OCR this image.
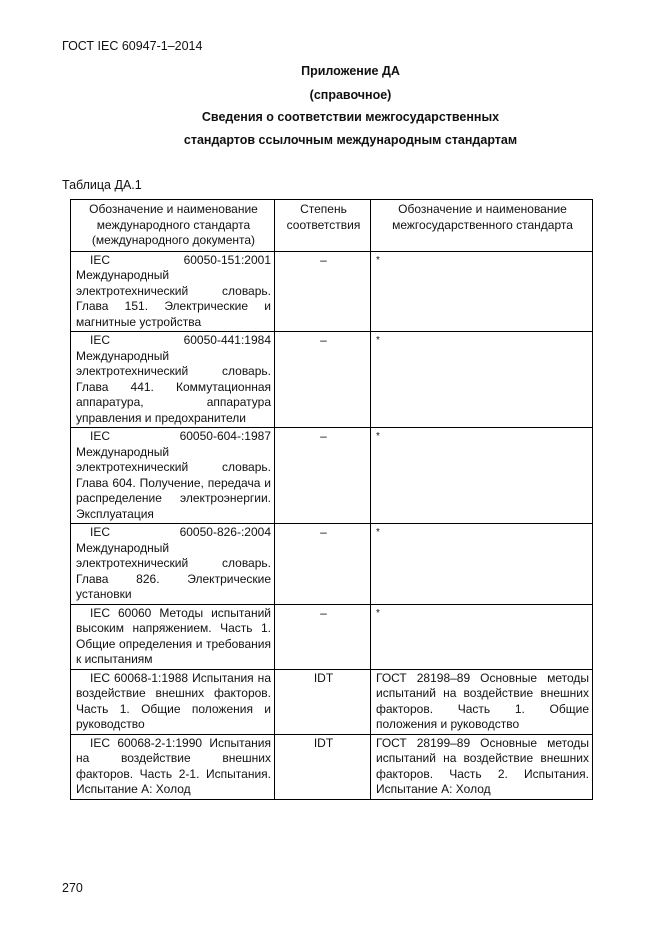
ГОСТ IEC 60947-1–2014
Приложение ДА
(справочное)
Сведения о соответствии межгосударственных
стандартов ссылочным международным стандартам
Таблица ДА.1
Обозначение и наименование международного стандарта (международного документа)	Степень соответствия	Обозначение и наименование межгосударственного стандарта
IEC 60050-151:2001 Международный электротехнический словарь. Глава 151. Электрические и магнитные устройства	–	*
IEC 60050-441:1984 Международный электротехнический словарь. Глава 441. Коммутационная аппаратура, аппаратура управления и предохранители	–	*
IEC 60050-604-:1987 Международный электротехнический словарь. Глава 604. Получение, передача и распределение электроэнергии. Эксплуатация	–	*
IEC 60050-826-:2004 Международный электротехнический словарь. Глава 826. Электрические установки	–	*
IEC 60060 Методы испытаний высоким напряжением. Часть 1. Общие определения и требования к испытаниям	–	*
IEC 60068-1:1988 Испытания на воздействие внешних факторов. Часть 1. Общие положения и руководство	IDT	ГОСТ 28198–89 Основные методы испытаний на воздействие внешних факторов. Часть 1. Общие положения и руководство
IEC 60068-2-1:1990 Испытания на воздействие внешних факторов. Часть 2-1. Испытания. Испытание А: Холод	IDT	ГОСТ 28199–89 Основные методы испытаний на воздействие внешних факторов. Часть 2. Испытания. Испытание А: Холод
270
